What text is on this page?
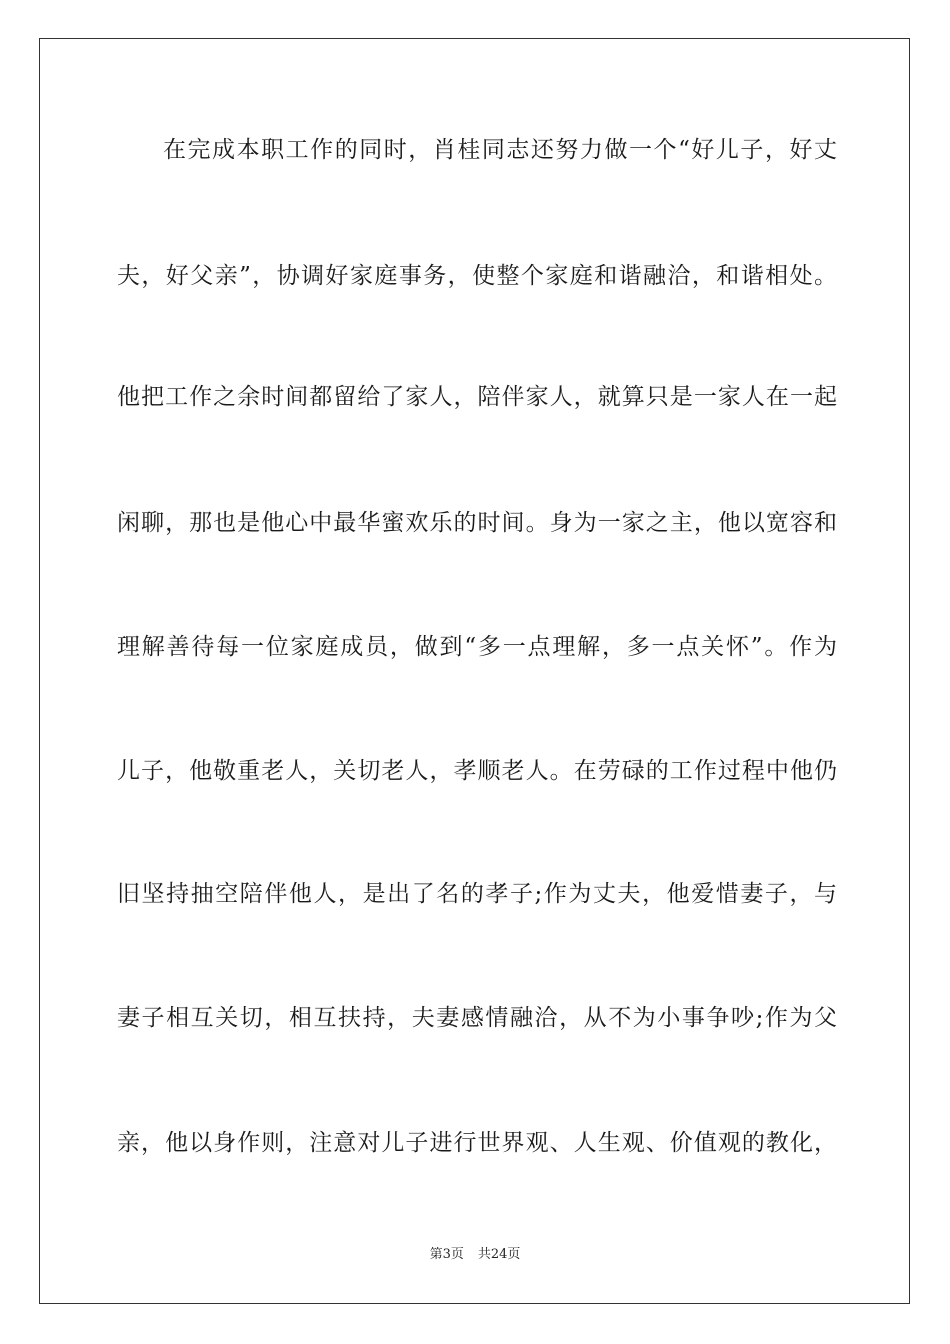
在完成本职工作的同时，肖桂同志还努力做一个“好儿子，好丈
夫，好父亲”，协调好家庭事务，使整个家庭和谐融洽，和谐相处。
他把工作之余时间都留给了家人，陪伴家人，就算只是一家人在一起
闲聊，那也是他心中最华蜜欢乐的时间。身为一家之主，他以宽容和
理解善待每一位家庭成员，做到“多一点理解，多一点关怀”。作为
儿子，他敬重老人，关切老人，孝顺老人。在劳碌的工作过程中他仍
旧坚持抽空陪伴他人，是出了名的孝子;作为丈夫，他爱惜妻子，与
妻子相互关切，相互扶持，夫妻感情融洽，从不为小事争吵;作为父
亲，他以身作则，注意对儿子进行世界观、人生观、价值观的教化，
第3页 共24页
